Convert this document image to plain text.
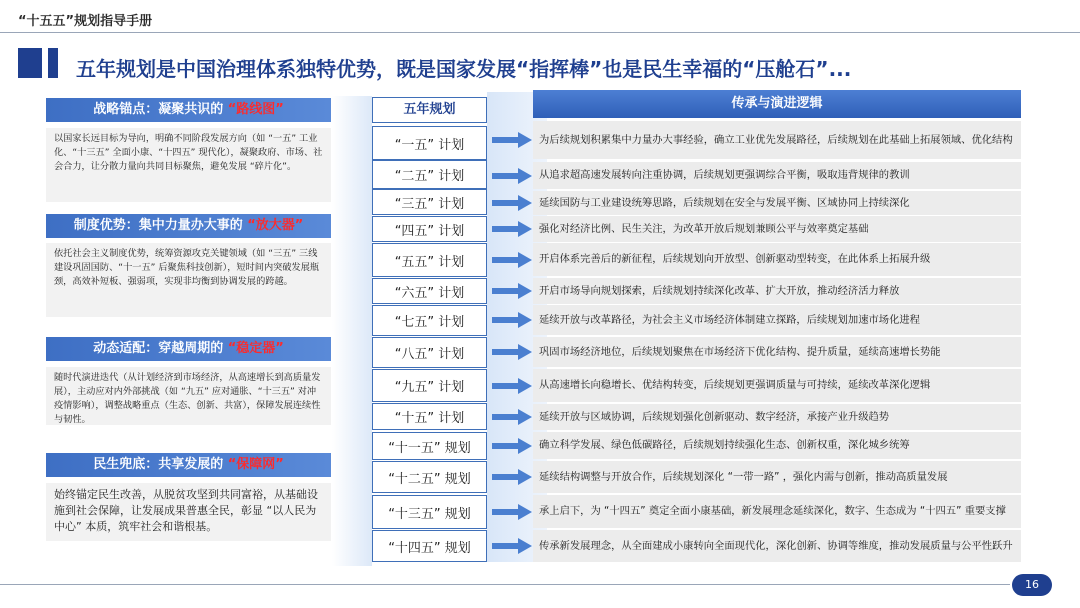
“十五五”规划指导手册
五年规划是中国治理体系独特优势，既是国家发展“指挥棒”也是民生幸福的“压舱石”...
战略锚点：凝聚共识的 “路线图”
以国家长远目标为导向，明确不同阶段发展方向（如 “一五” 工业化、“十三五” 全面小康、“十四五” 现代化），凝聚政府、市场、社会合力，让分散力量向共同目标聚焦，避免发展 “碎片化”。
制度优势：集中力量办大事的 “放大器”
依托社会主义制度优势，统筹资源攻克关键领域（如 “三五” 三线建设巩固国防、“十一五” 后聚焦科技创新），短时间内突破发展瓶颈，高效补短板、强弱项，实现非均衡到协调发展的跨越。
动态适配：穿越周期的 “稳定器”
随时代演进迭代（从计划经济到市场经济，从高速增长到高质量发展），主动应对内外部挑战（如 “九五” 应对通胀、“十三五” 对冲疫情影响），调整战略重点（生态、创新、共富），保障发展连续性与韧性。
民生兜底：共享发展的 “保障网”
始终锚定民生改善，从脱贫攻坚到共同富裕，从基础设施到社会保障，让发展成果普惠全民，彰显 “以人民为中心” 本质，筑牢社会和谐根基。
五年规划
“一五” 计划
“二五” 计划
“三五” 计划
“四五” 计划
“五五” 计划
“六五” 计划
“七五” 计划
“八五” 计划
“九五” 计划
“十五” 计划
“十一五” 规划
“十二五” 规划
“十三五” 规划
“十四五” 规划
传承与演进逻辑
为后续规划积累集中力量办大事经验，确立工业优先发展路径，后续规划在此基础上拓展领域、优化结构
从追求超高速发展转向注重协调，后续规划更强调综合平衡，吸取违背规律的教训
延续国防与工业建设统筹思路，后续规划在安全与发展平衡、区域协同上持续深化
强化对经济比例、民生关注，为改革开放后规划兼顾公平与效率奠定基础
开启体系完善后的新征程，后续规划向开放型、创新驱动型转变，在此体系上拓展升级
开启市场导向规划探索，后续规划持续深化改革、扩大开放，推动经济活力释放
延续开放与改革路径，为社会主义市场经济体制建立探路，后续规划加速市场化进程
巩固市场经济地位，后续规划聚焦在市场经济下优化结构、提升质量，延续高速增长势能
从高速增长向稳增长、优结构转变，后续规划更强调质量与可持续，延续改革深化逻辑
延续开放与区域协调，后续规划强化创新驱动、数字经济，承接产业升级趋势
确立科学发展、绿色低碳路径，后续规划持续强化生态、创新权重，深化城乡统筹
延续结构调整与开放合作，后续规划深化 “一带一路” ，强化内需与创新，推动高质量发展
承上启下，为 “十四五” 奠定全面小康基础，新发展理念延续深化，数字、生态成为 “十四五” 重要支撑
传承新发展理念，从全面建成小康转向全面现代化，深化创新、协调等维度，推动发展质量与公平性跃升
16
